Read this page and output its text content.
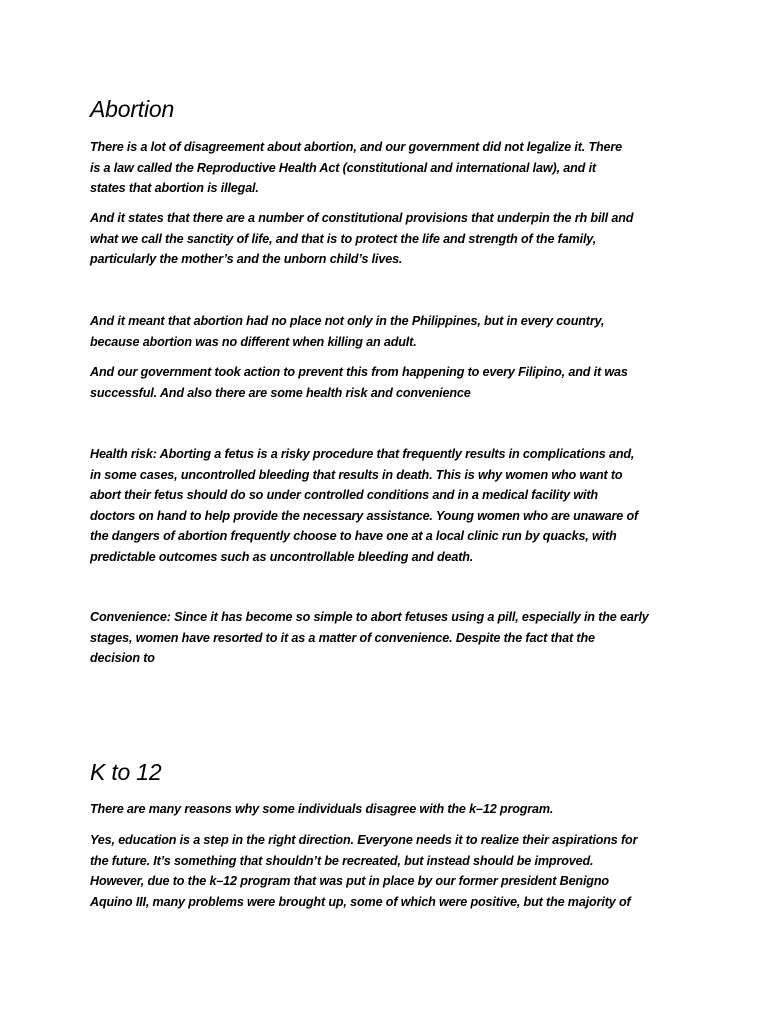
Abortion

There is a lot of disagreement about abortion, and our government did not legalize it. There
is a law called the Reproductive Health Act (constitutional and international law), and it
states that abortion is illegal.

And it states that there are a number of constitutional provisions that underpin the rh bill and
what we call the sanctity of life, and that is to protect the life and strength of the family,
particularly the mother’s and the unborn child’s lives.

And it meant that abortion had no place not only in the Philippines, but in every country,
because abortion was no different when killing an adult.

And our government took action to prevent this from happening to every Filipino, and it was
successful. And also there are some health risk and convenience

Health risk: Aborting a fetus is a risky procedure that frequently results in complications and,
in some cases, uncontrolled bleeding that results in death. This is why women who want to
abort their fetus should do so under controlled conditions and in a medical facility with
doctors on hand to help provide the necessary assistance. Young women who are unaware of
the dangers of abortion frequently choose to have one at a local clinic run by quacks, with
predictable outcomes such as uncontrollable bleeding and death.

Convenience: Since it has become so simple to abort fetuses using a pill, especially in the early
stages, women have resorted to it as a matter of convenience. Despite the fact that the
decision to

K to 12

There are many reasons why some individuals disagree with the k–12 program.

Yes, education is a step in the right direction. Everyone needs it to realize their aspirations for
the future. It’s something that shouldn’t be recreated, but instead should be improved.
However, due to the k–12 program that was put in place by our former president Benigno
Aquino III, many problems were brought up, some of which were positive, but the majority of
